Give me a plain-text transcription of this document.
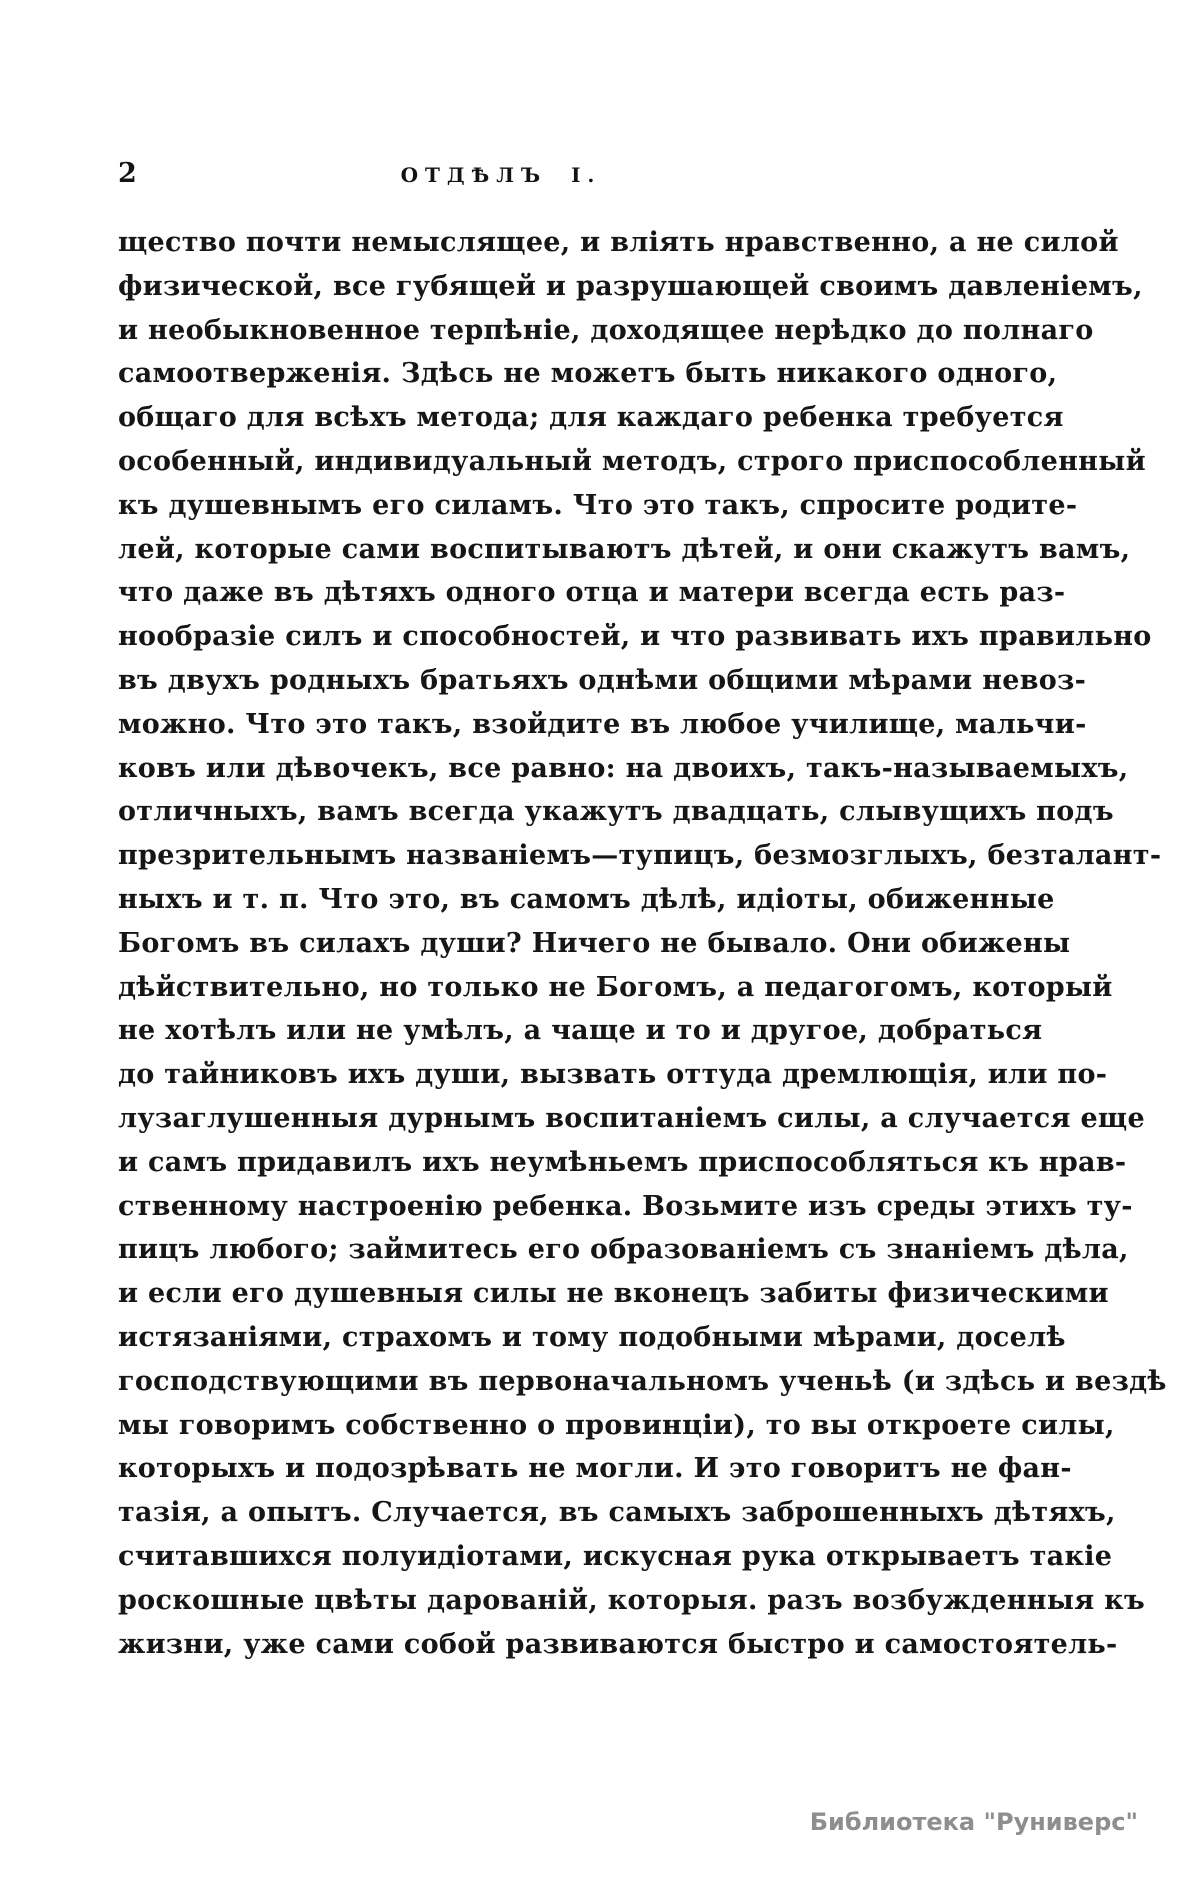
2	ОТДѢЛЪ I.
щество почти немыслящее, и вліять нравственно, а не силой
физической, все губящей и разрушающей своимъ давленіемъ,
и необыкновенное терпѣніе, доходящее нерѣдко до полнаго
самоотверженія. Здѣсь не можетъ быть никакого одного,
общаго для всѣхъ метода; для каждаго ребенка требуется
особенный, индивидуальный методъ, строго приспособленный
къ душевнымъ его силамъ. Что это такъ, спросите родите-
лей, которые сами воспитываютъ дѣтей, и они скажутъ вамъ,
что даже въ дѣтяхъ одного отца и матери всегда есть раз-
нообразіе силъ и способностей, и что развивать ихъ правильно
въ двухъ родныхъ братьяхъ однѣми общими мѣрами невоз-
можно. Что это такъ, взойдите въ любое училище, мальчи-
ковъ или дѣвочекъ, все равно: на двоихъ, такъ-называемыхъ,
отличныхъ, вамъ всегда укажутъ двадцать, слывущихъ подъ
презрительнымъ названіемъ—тупицъ, безмозглыхъ, безталант-
ныхъ и т. п. Что это, въ самомъ дѣлѣ, идіоты, обиженные
Богомъ въ силахъ души? Ничего не бывало. Они обижены
дѣйствительно, но только не Богомъ, а педагогомъ, который
не хотѣлъ или не умѣлъ, а чаще и то и другое, добраться
до тайниковъ ихъ души, вызвать оттуда дремлющія, или по-
лузаглушенныя дурнымъ воспитаніемъ силы, а случается еще
и самъ придавилъ ихъ неумѣньемъ приспособляться къ нрав-
ственному настроенію ребенка. Возьмите изъ среды этихъ ту-
пицъ любого; займитесь его образованіемъ съ знаніемъ дѣла,
и если его душевныя силы не вконецъ забиты физическими
истязаніями, страхомъ и тому подобными мѣрами, доселѣ
господствующими въ первоначальномъ ученьѣ (и здѣсь и вездѣ
мы говоримъ собственно о провинціи), то вы откроете силы,
которыхъ и подозрѣвать не могли. И это говоритъ не фан-
тазія, а опытъ. Случается, въ самыхъ заброшенныхъ дѣтяхъ,
считавшихся полуидіотами, искусная рука открываетъ такіе
роскошные цвѣты дарованій, которыя. разъ возбужденныя къ
жизни, уже сами собой развиваются быстро и самостоятель-
Библиотека "Руниверс"
